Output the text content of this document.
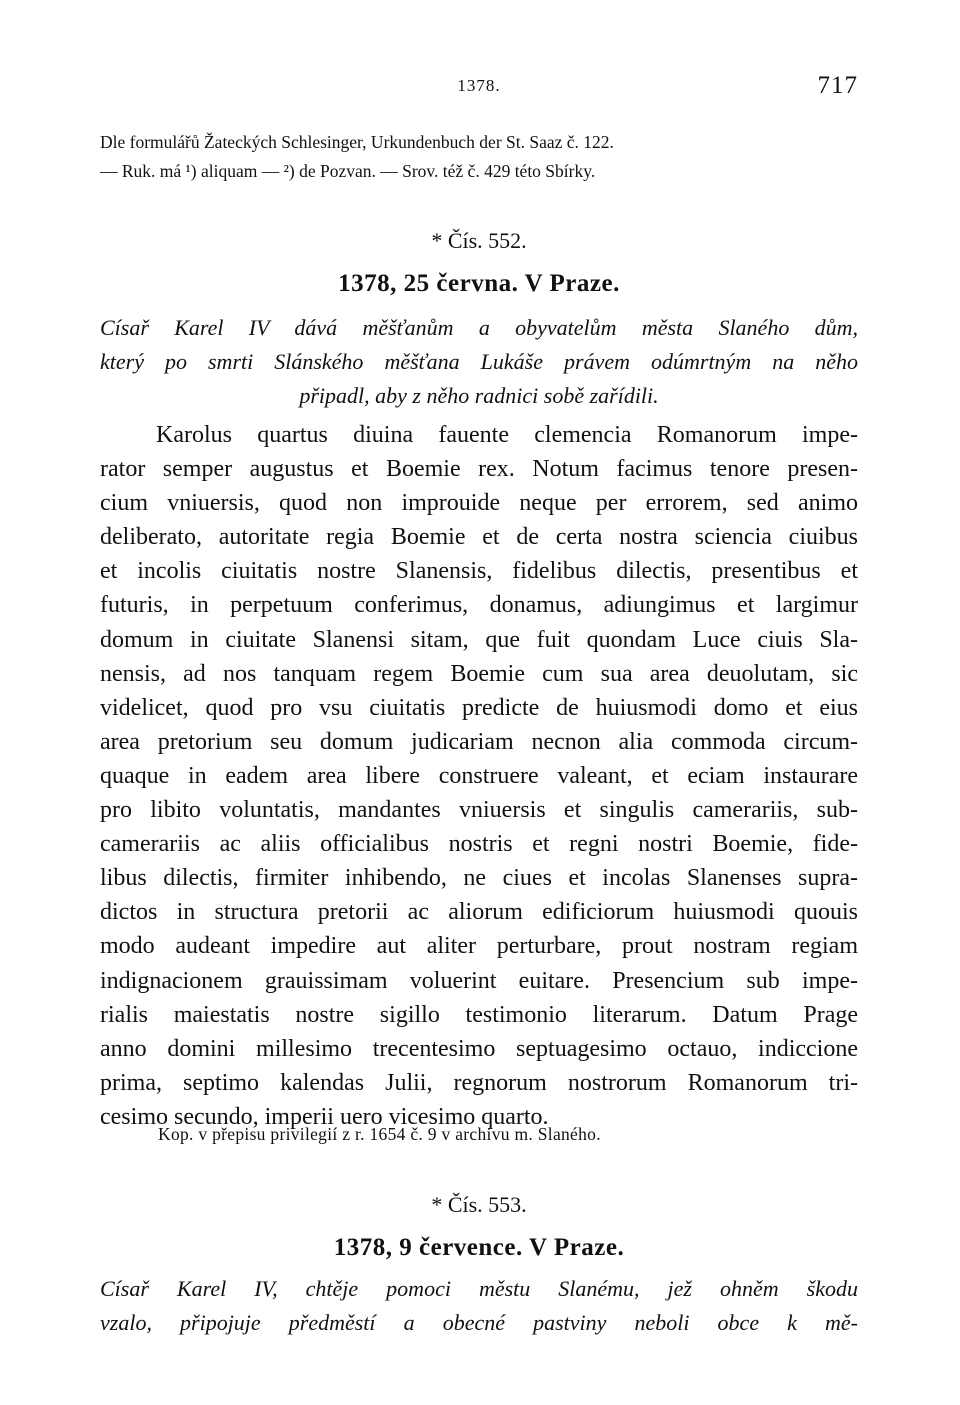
1378.	717
Dle formulářů Žateckých Schlesinger, Urkundenbuch der St. Saaz č. 122.
— Ruk. má ¹) aliquam — ²) de Pozvan. — Srov. též č. 429 této Sbírky.
* Čís. 552.
1378, 25 června. V Praze.
Císař Karel IV dává měšťanům a obyvatelům města Slaného dům,
který po smrti Slánského měšťana Lukáše právem odúmrtným na něho
připadl, aby z něho radnici sobě zařídili.
Karolus quartus diuina fauente clemencia Romanorum impe-
rator semper augustus et Boemie rex. Notum facimus tenore presen-
cium vniuersis, quod non improuide neque per errorem, sed animo
deliberato, autoritate regia Boemie et de certa nostra sciencia ciuibus
et incolis ciuitatis nostre Slanensis, fidelibus dilectis, presentibus et
futuris, in perpetuum conferimus, donamus, adiungimus et largimur
domum in ciuitate Slanensi sitam, que fuit quondam Luce ciuis Sla-
nensis, ad nos tanquam regem Boemie cum sua area deuolutam, sic
videlicet, quod pro vsu ciuitatis predicte de huiusmodi domo et eius
area pretorium seu domum judicariam necnon alia commoda circum-
quaque in eadem area libere construere valeant, et eciam instaurare
pro libito voluntatis, mandantes vniuersis et singulis camerariis, sub-
camerariis ac aliis officialibus nostris et regni nostri Boemie, fide-
libus dilectis, firmiter inhibendo, ne ciues et incolas Slanenses supra-
dictos in structura pretorii ac aliorum edificiorum huiusmodi quouis
modo audeant impedire aut aliter perturbare, prout nostram regiam
indignacionem grauissimam voluerint euitare. Presencium sub impe-
rialis maiestatis nostre sigillo testimonio literarum. Datum Prage
anno domini millesimo trecentesimo septuagesimo octauo, indiccione
prima, septimo kalendas Julii, regnorum nostrorum Romanorum tri-
cesimo secundo, imperii uero vicesimo quarto.
Kop. v přepisu privilegií z r. 1654 č. 9 v archivu m. Slaného.
* Čís. 553.
1378, 9 července. V Praze.
Císař Karel IV, chtěje pomoci městu Slanému, jež ohněm škodu
vzalo, připojuje předměstí a obecné pastviny neboli obce k mě-
